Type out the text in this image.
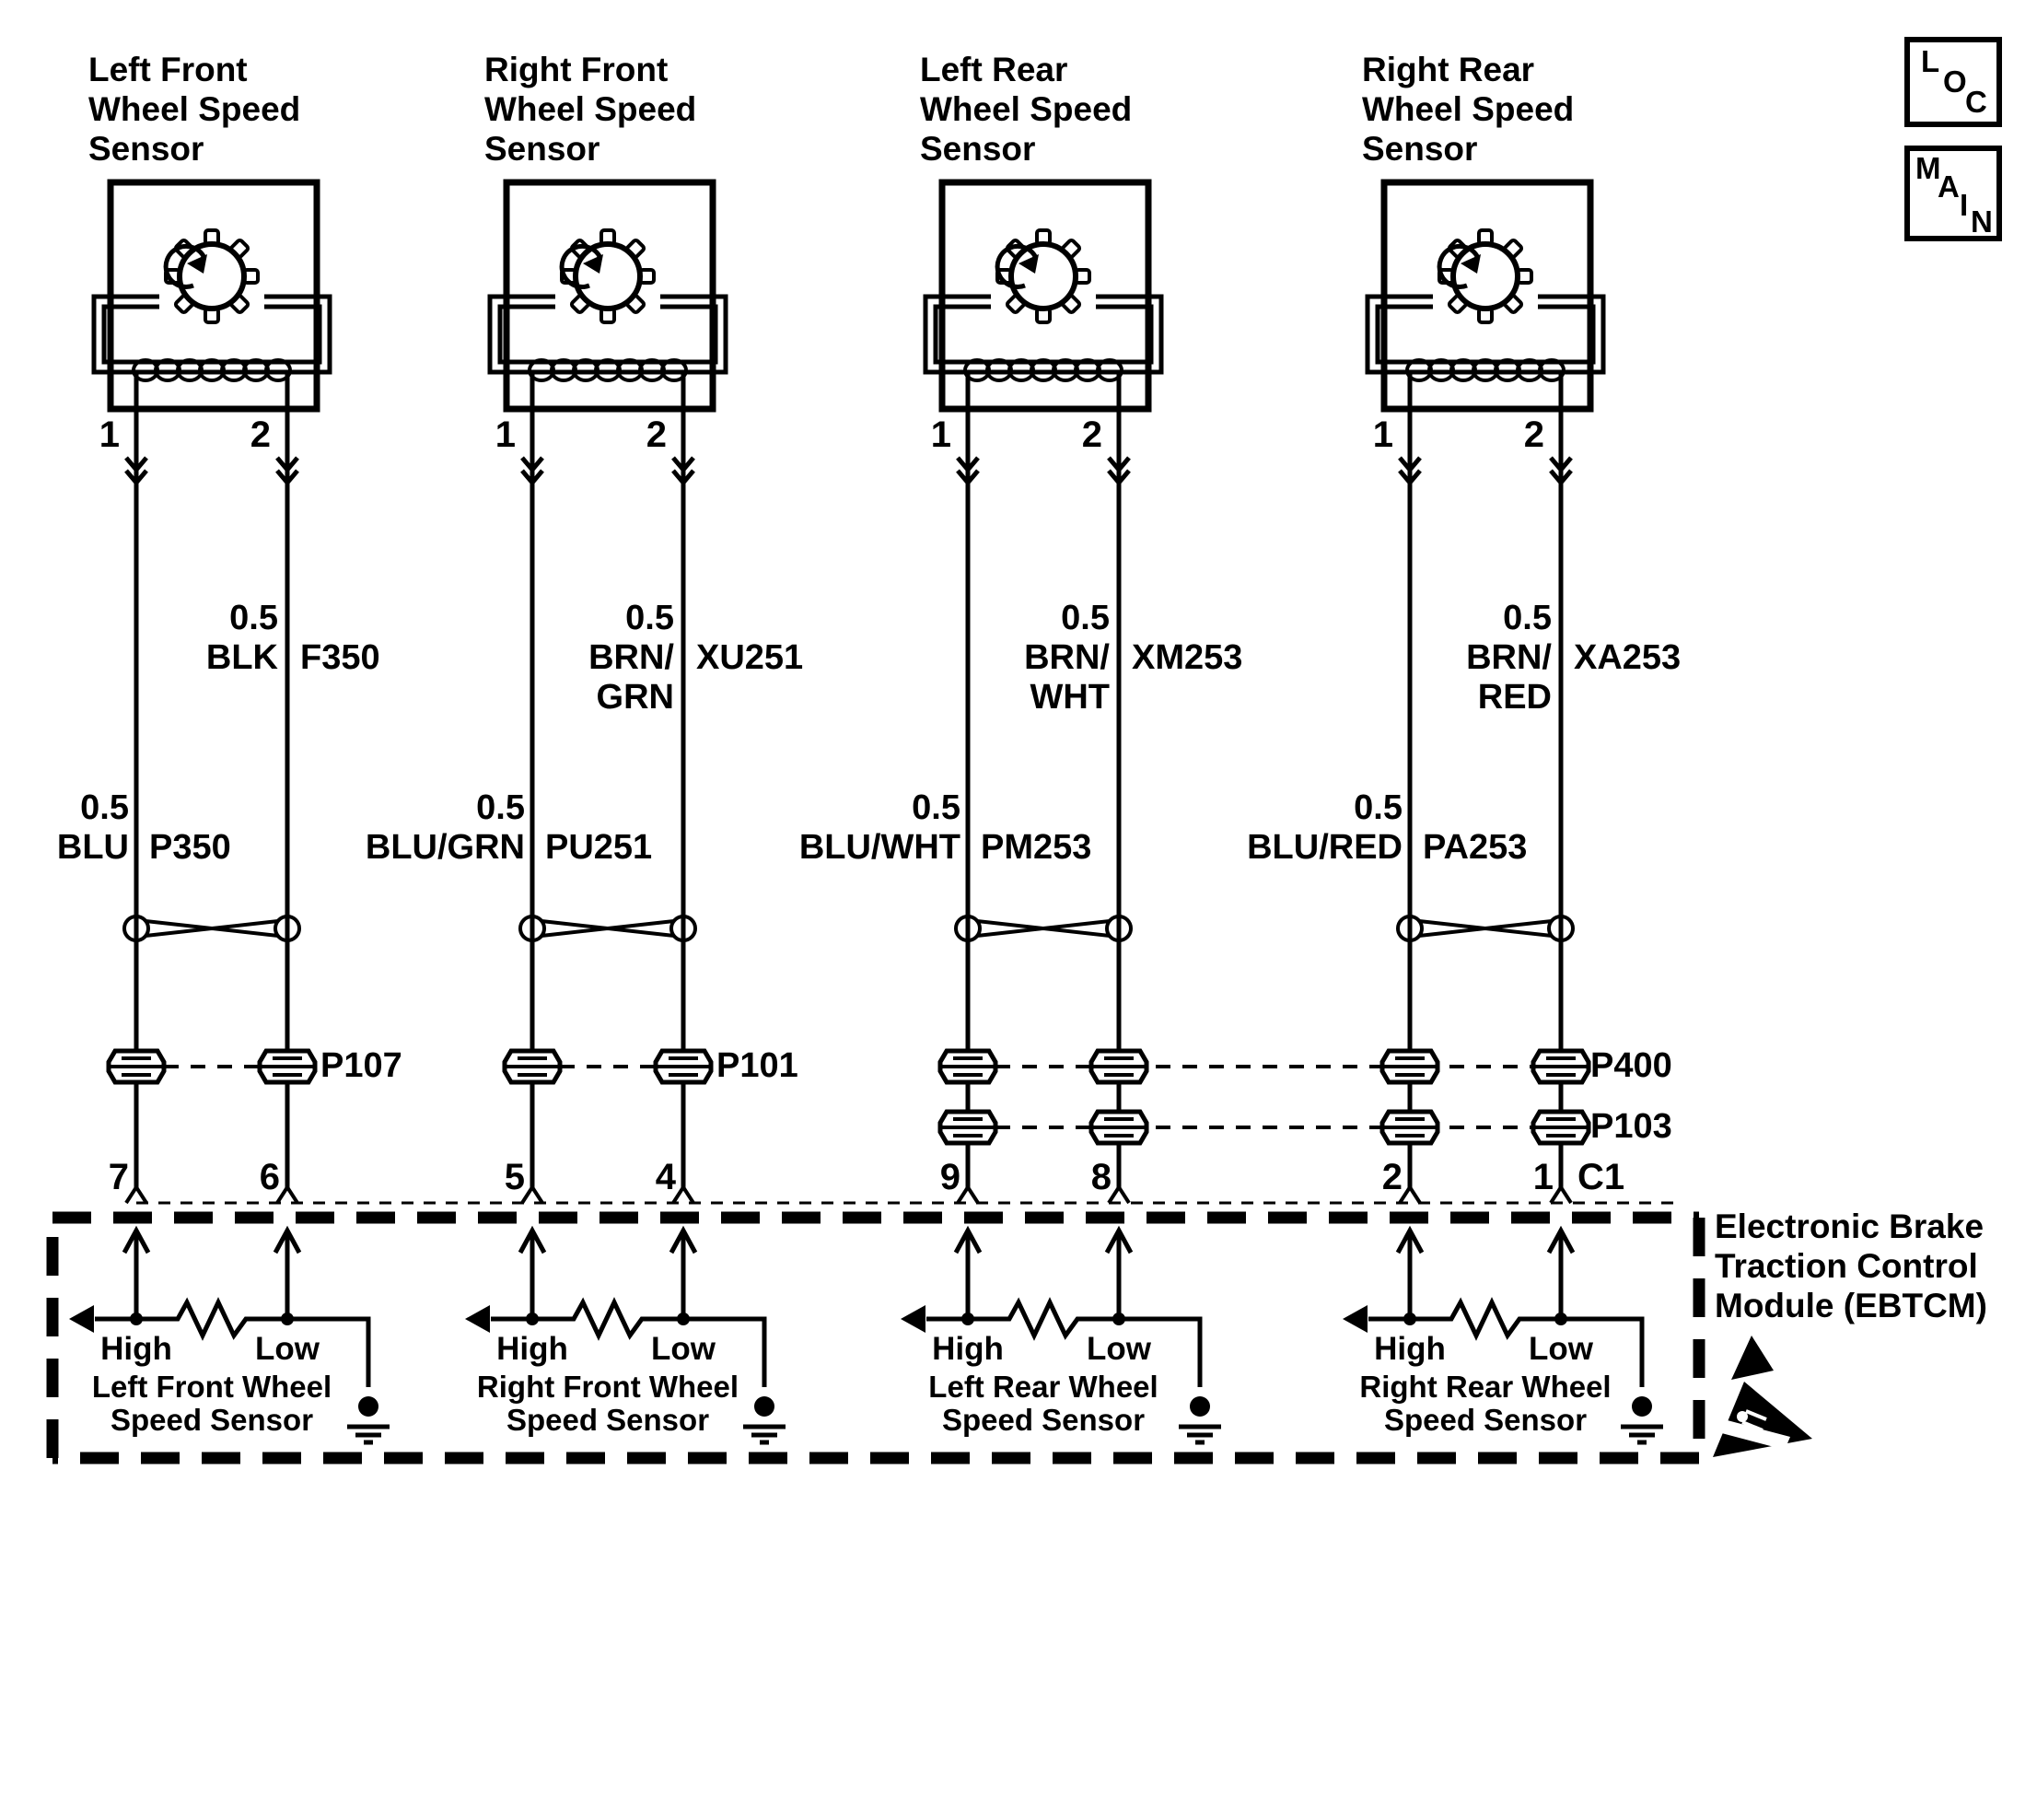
Left Front
Wheel Speed
Sensor
1	2
0.5
BLK F350
0.5
BLU P350
P107
7	6
High	Low
Left Front Wheel
Speed Sensor
Right Front
Wheel Speed
Sensor
1	2
0.5
BRN/
GRN
XU251
0.5
BLU/GRN PU251
P101
5	4
High	Low
Right Front Wheel
Speed Sensor
Left Rear
Wheel Speed
Sensor
1	2
0.5
BRN/
WHT
XM253
0.5
BLU/WHT PM253
9	8
High	Low
Left Rear Wheel
Speed Sensor
Right Rear
Wheel Speed
Sensor
1	2
0.5
BRN/
RED
XA253
0.5
BLU/RED PA253
2	1 C1
High	Low
Right Rear Wheel
Speed Sensor
P400
P103
Electronic Brake
Traction Control
Module (EBTCM)
L
O
C
M
A
I N
